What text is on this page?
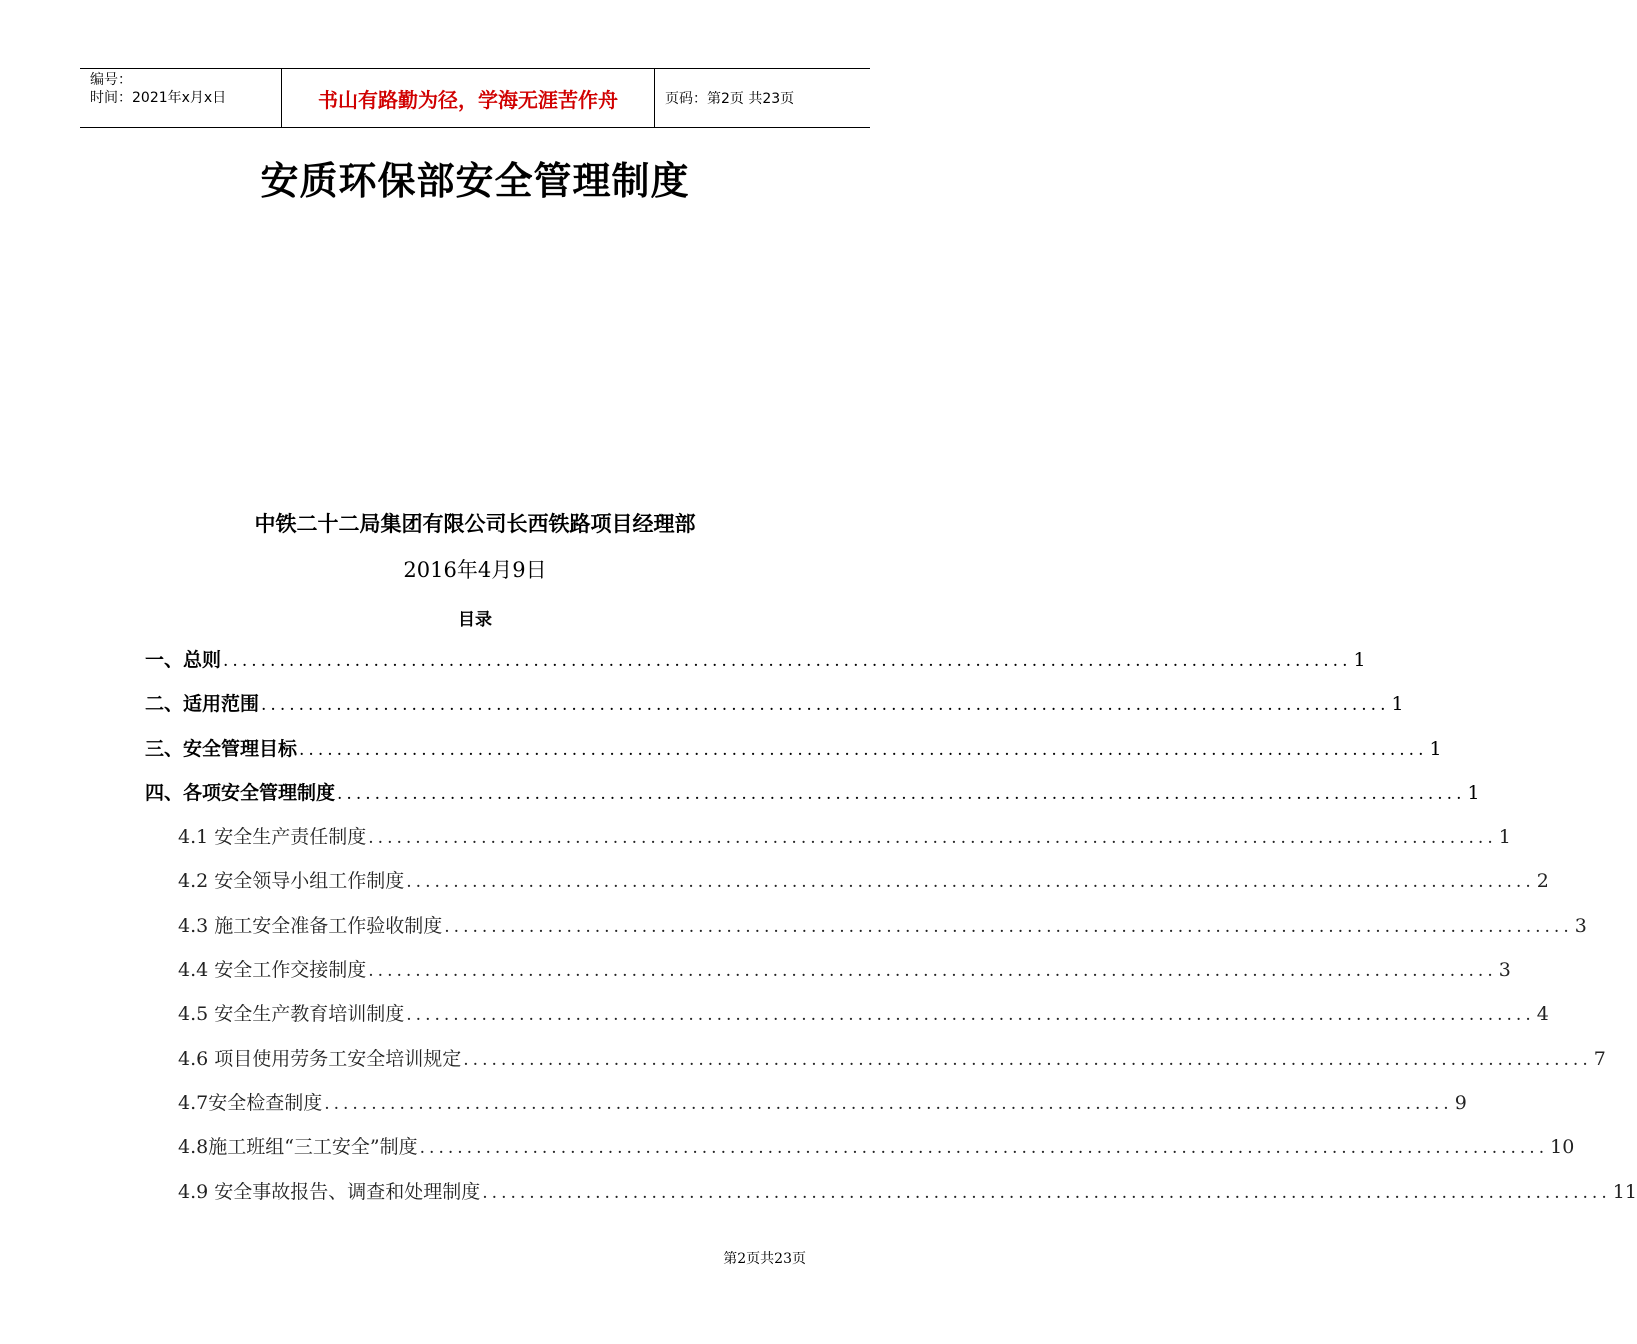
编号：
时间：2021年x月x日	书山有路勤为径，学海无涯苦作舟	页码：第2页 共23页
安质环保部安全管理制度
中铁二十二局集团有限公司长西铁路项目经理部
2016年4月9日
目录
一、总则 ........................................................................................................................ 1
二、适用范围 ........................................................................................................................ 1
三、安全管理目标 ........................................................................................................................ 1
四、各项安全管理制度 ........................................................................................................................ 1
4.1 安全生产责任制度 ........................................................................................................................ 1
4.2 安全领导小组工作制度 ........................................................................................................................ 2
4.3 施工安全准备工作验收制度 ........................................................................................................................ 3
4.4 安全工作交接制度 ........................................................................................................................ 3
4.5 安全生产教育培训制度 ........................................................................................................................ 4
4.6 项目使用劳务工安全培训规定 ........................................................................................................................ 7
4.7安全检查制度 ........................................................................................................................ 9
4.8施工班组“三工安全”制度 ........................................................................................................................ 10
4.9 安全事故报告、调查和处理制度 ........................................................................................................................ 11
第2页共23页
